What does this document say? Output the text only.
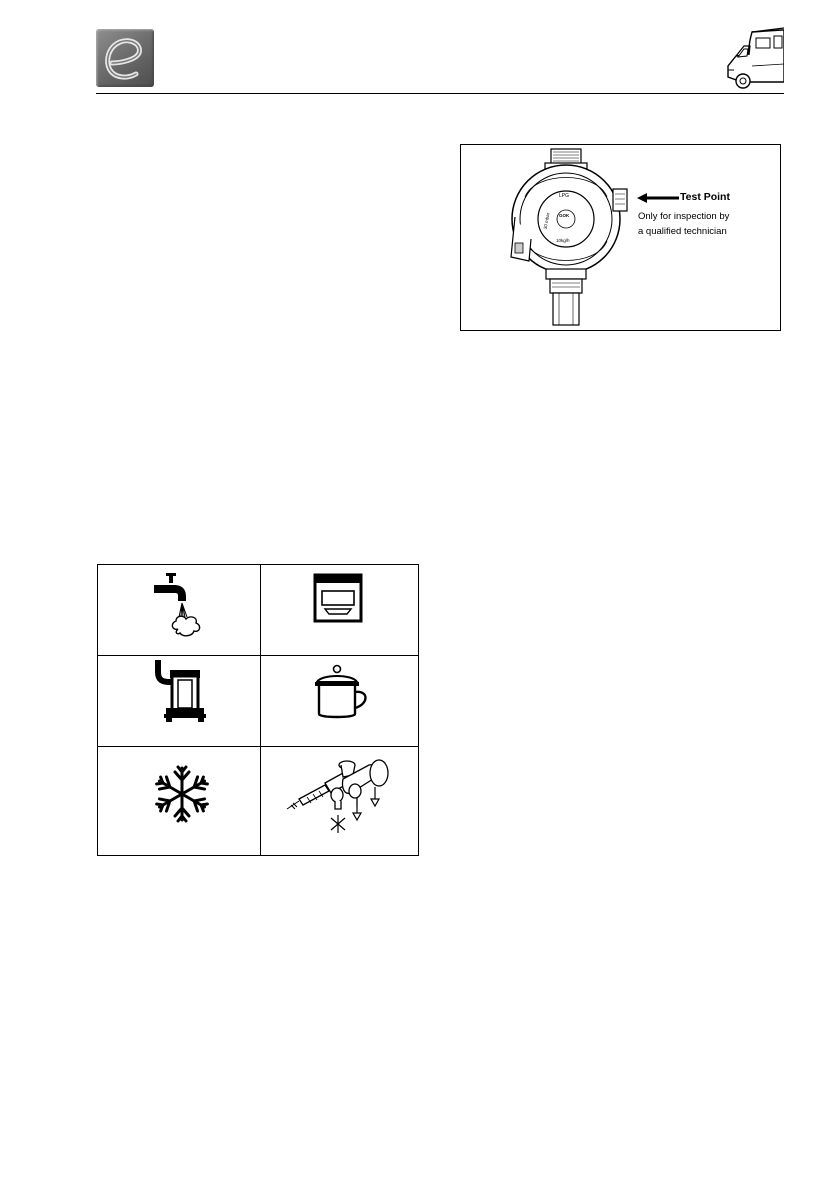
LPG
30 mbar
10kg/h
GOK
Test Point
Only for inspection by
a qualified technician
